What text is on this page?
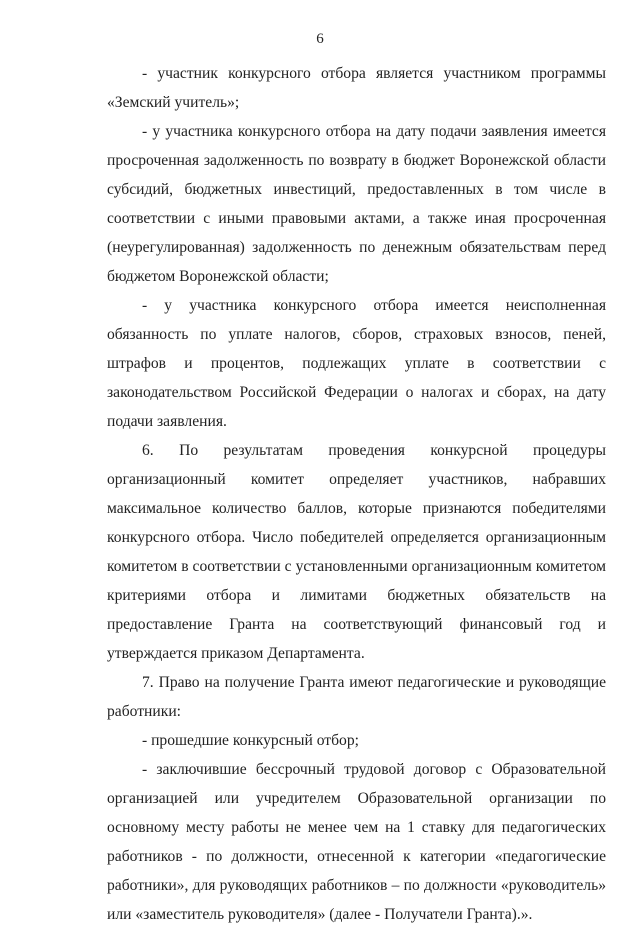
6

- участник конкурсного отбора является участником программы «Земский учитель»;

- у участника конкурсного отбора на дату подачи заявления имеется просроченная задолженность по возврату в бюджет Воронежской области субсидий, бюджетных инвестиций, предоставленных в том числе в соответствии с иными правовыми актами, а также иная просроченная (неурегулированная) задолженность по денежным обязательствам перед бюджетом Воронежской области;

- у участника конкурсного отбора имеется неисполненная обязанность по уплате налогов, сборов, страховых взносов, пеней, штрафов и процентов, подлежащих уплате в соответствии с законодательством Российской Федерации о налогах и сборах, на дату подачи заявления.

6. По результатам проведения конкурсной процедуры организационный комитет определяет участников, набравших максимальное количество баллов, которые признаются победителями конкурсного отбора. Число победителей определяется организационным комитетом в соответствии с установленными организационным комитетом критериями отбора и лимитами бюджетных обязательств на предоставление Гранта на соответствующий финансовый год и утверждается приказом Департамента.

7. Право на получение Гранта имеют педагогические и руководящие работники:

- прошедшие конкурсный отбор;

- заключившие бессрочный трудовой договор с Образовательной организацией или учредителем Образовательной организации по основному месту работы не менее чем на 1 ставку для педагогических работников - по должности, отнесенной к категории «педагогические работники», для руководящих работников – по должности «руководитель» или «заместитель руководителя» (далее - Получатели Гранта).».
